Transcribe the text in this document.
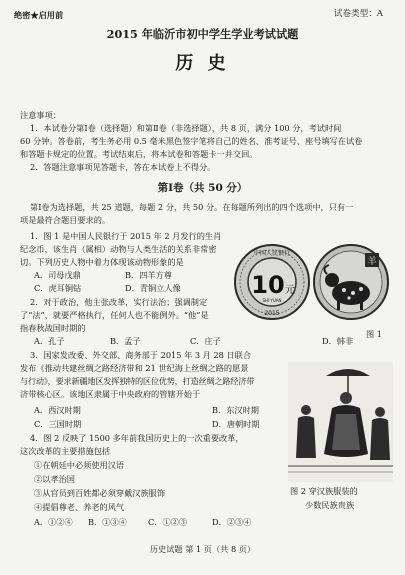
绝密★启用前	试卷类型：A
2015 年临沂市初中学生学业考试试题
历 史
注意事项：
1．本试卷分第Ⅰ卷（选择题）和第Ⅱ卷（非选择题），共 8 页，满分 100 分，考试时间
60 分钟。答卷前，考生务必用 0.5 毫米黑色签字笔将自己的姓名、准考证号、座号填写在试卷
和答题卡规定的位置。考试结束后，将本试卷和答题卡一并交回。
2．答题注意事项见答题卡，答在本试卷上不得分。
第Ⅰ卷（共 50 分）
第Ⅰ卷为选择题，共 25 道题，每题 2 分，共 50 分。在每题所列出的四个选项中，只有一
项是最符合题目要求的。
1．图 1 是中国人民银行于 2015 年 2 月发行的生肖
纪念币，该生肖（属相）动物与人类生活的关系非常密
切。下列历史人物中着力体现该动物形象的是
A．司母戊鼎	B．四羊方尊
C．虎耳铜钻	D．青铜立人像
2．对于政治，他主张改革，实行法治；强调制定
了“法”，就要严格执行，任何人也不能例外。“他”是
指春秋战国时期的
A．孔子	B．孟子	C．庄子	D．韩非
3．国家发改委、外交部、商务部于 2015 年 3 月 28 日联合
发布《推动共建丝绸之路经济带和 21 世纪海上丝绸之路的愿景
与行动》，要求新疆地区发挥独特的区位优势，打造丝绸之路经济带
济带核心区。该地区隶属于中央政府的管辖开始于
A．西汉时期	B．东汉时期
C．三国时期	D．唐朝时期
4．图 2 反映了 1500 多年前我国历史上的一次重要改革，
这次改革的主要措施包括
①在朝廷中必须使用汉语
②以孝治国
③从官员到百姓都必须穿戴汉族服饰
④提倡尊老、养老的风气
A．①②④ B．①③④	C．①②③	D．②③④
中国人民银行
10 元
SHI YUAN
2015
羊
图 1
图 2 穿汉族服装的
少数民族贵族
历史试题 第 1 页（共 8 页）
